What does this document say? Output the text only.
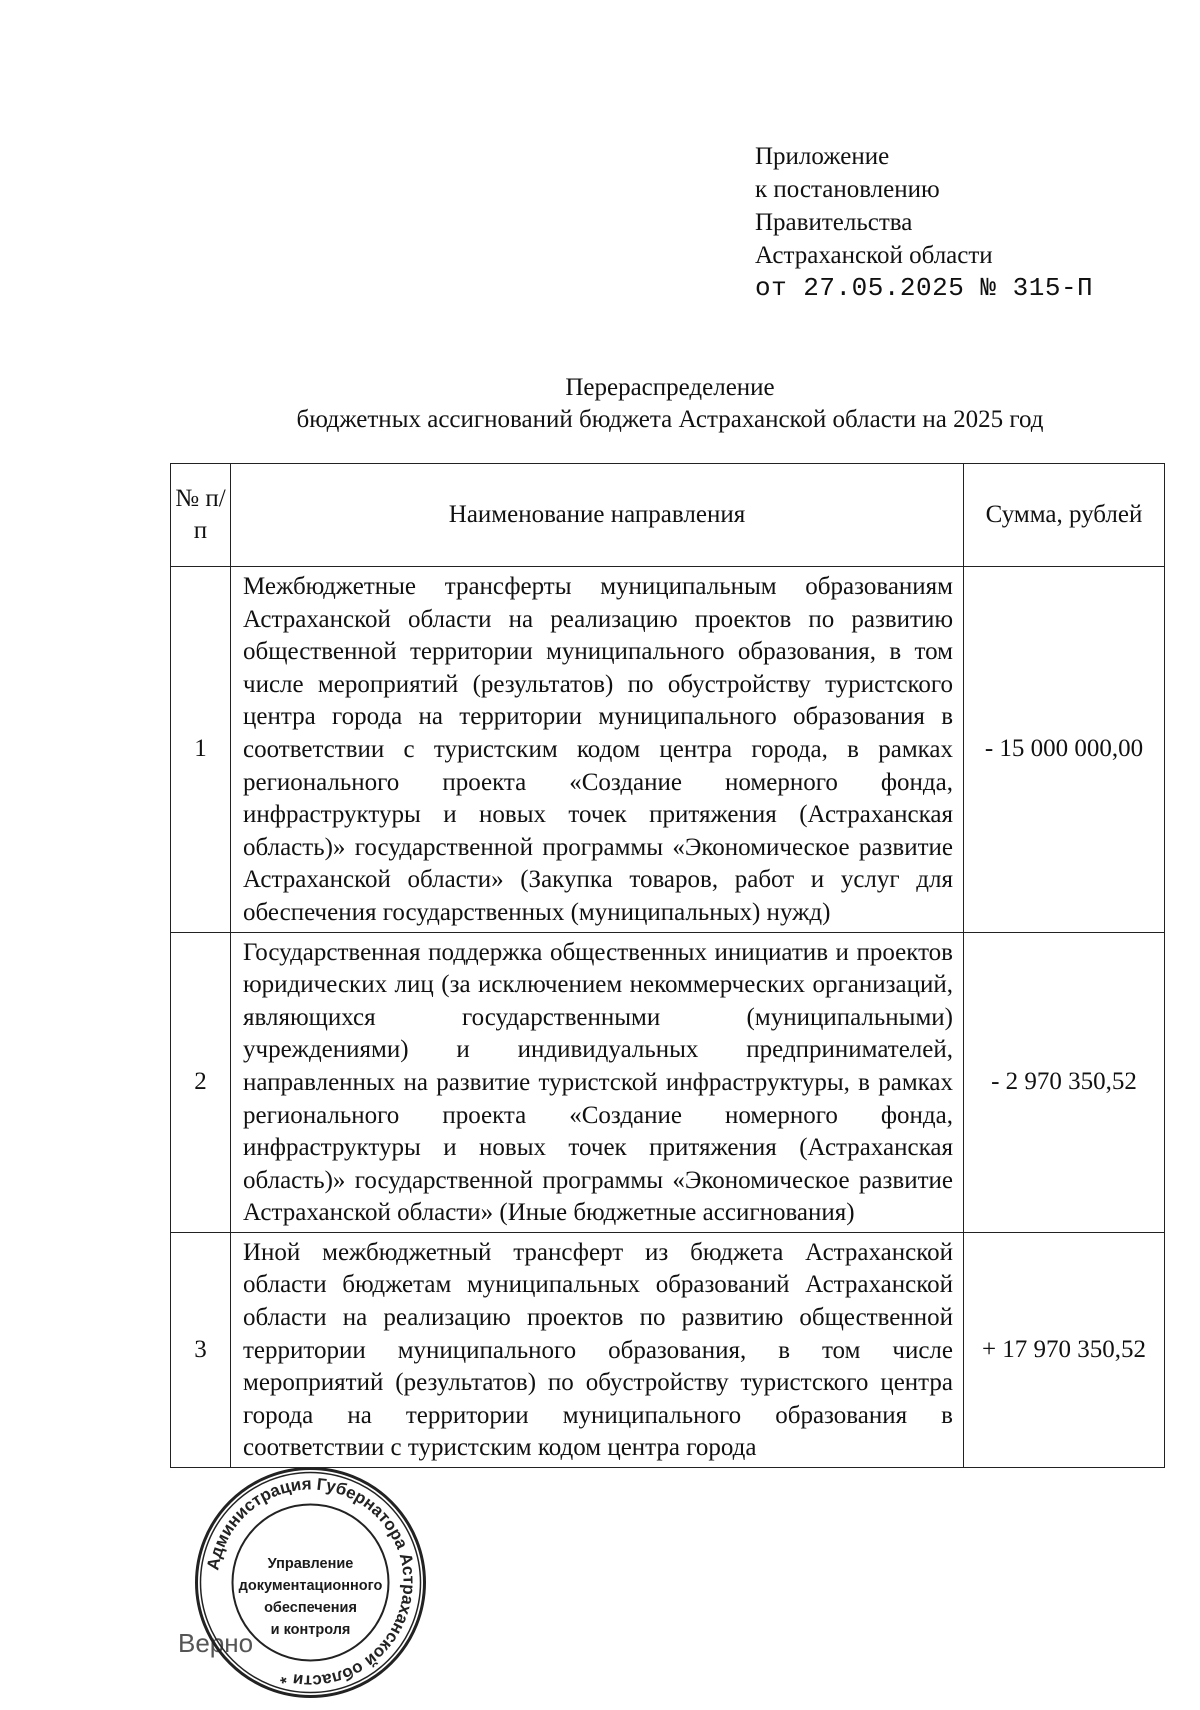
Приложение
к постановлению
Правительства
Астраханской области
от 27.05.2025 № 315-П
Перераспределение
бюджетных ассигнований бюджета Астраханской области на 2025 год
№ п/п	Наименование направления	Сумма, рублей
1	Межбюджетные трансферты муниципальным образованиям Астраханской области на реализацию проектов по развитию общественной территории муниципального образования, в том числе мероприятий (результатов) по обустройству туристского центра города на территории муниципального образования в соответствии с туристским кодом центра города, в рамках регионального проекта «Создание номерного фонда, инфраструктуры и новых точек притяжения (Астраханская область)» государственной программы «Экономическое развитие Астраханской области» (Закупка товаров, работ и услуг для обеспечения государственных (муниципальных) нужд)	- 15 000 000,00
2	Государственная поддержка общественных инициатив и проектов юридических лиц (за исключением некоммерческих организаций, являющихся государственными (муниципальными) учреждениями) и индивидуальных предпринимателей, направленных на развитие туристской инфраструктуры, в рамках регионального проекта «Создание номерного фонда, инфраструктуры и новых точек притяжения (Астраханская область)» государственной программы «Экономическое развитие Астраханской области» (Иные бюджетные ассигнования)	- 2 970 350,52
3	Иной межбюджетный трансферт из бюджета Астраханской области бюджетам муниципальных образований Астраханской области на реализацию проектов по развитию общественной территории муниципального образования, в том числе мероприятий (результатов) по обустройству туристского центра города на территории муниципального образования в соответствии с туристским кодом центра города	+ 17 970 350,52
Верно
Администрация Губернатора Астраханской области *
Управление
документационного
обеспечения
и контроля
